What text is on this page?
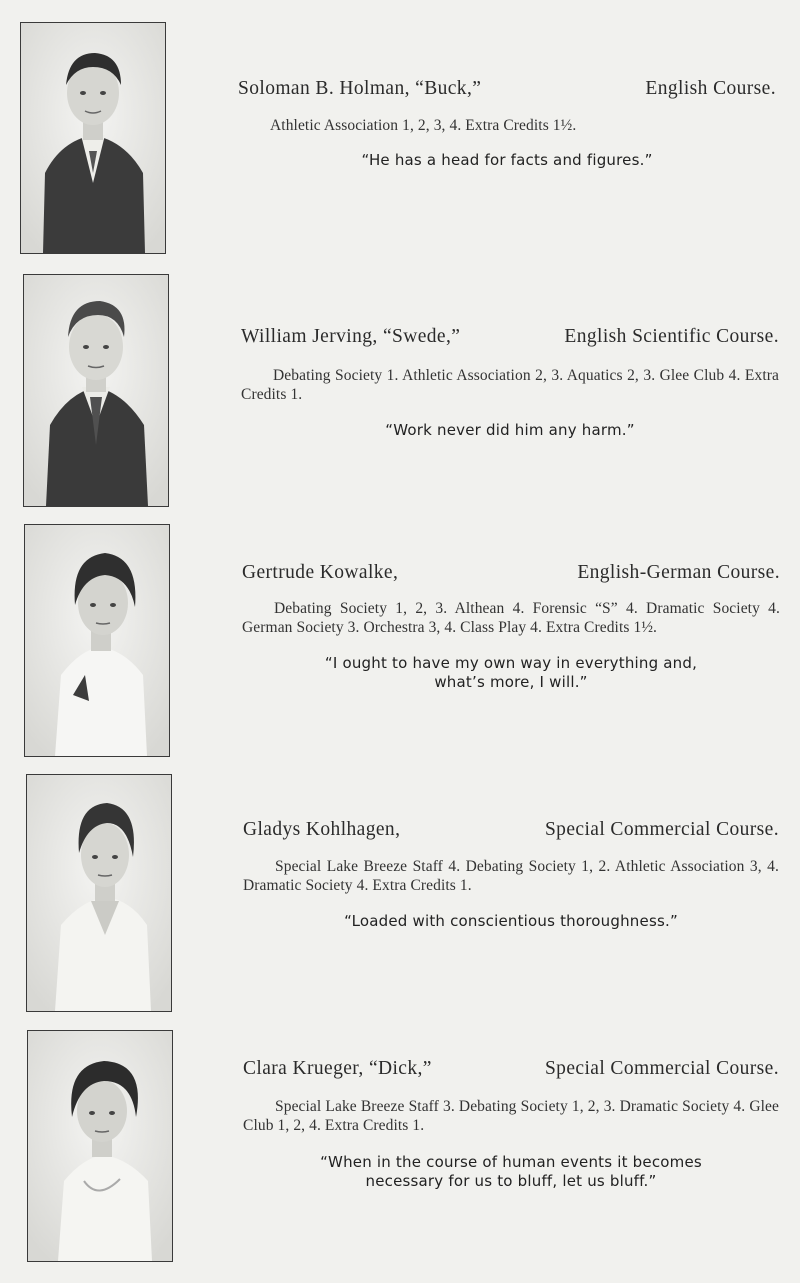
Soloman B. Holman, “Buck,”	English Course.
Athletic Association 1, 2, 3, 4. Extra Credits 1½.
“He has a head for facts and figures.”
William Jerving, “Swede,”	English Scientific Course.
Debating Society 1. Athletic Association 2, 3. Aquatics 2, 3. Glee Club 4. Extra Credits 1.
“Work never did him any harm.”
Gertrude Kowalke,	English-German Course.
Debating Society 1, 2, 3. Althean 4. Forensic “S” 4. Dramatic Society 4. German Society 3. Orchestra 3, 4. Class Play 4. Extra Credits 1½.
“I ought to have my own way in everything and,
what’s more, I will.”
Gladys Kohlhagen,	Special Commercial Course.
Special Lake Breeze Staff 4. Debating Society 1, 2. Athletic Association 3, 4. Dramatic Society 4. Extra Credits 1.
“Loaded with conscientious thoroughness.”
Clara Krueger, “Dick,”	Special Commercial Course.
Special Lake Breeze Staff 3. Debating Society 1, 2, 3. Dramatic Society 4. Glee Club 1, 2, 4. Extra Credits 1.
“When in the course of human events it becomes
necessary for us to bluff, let us bluff.”
